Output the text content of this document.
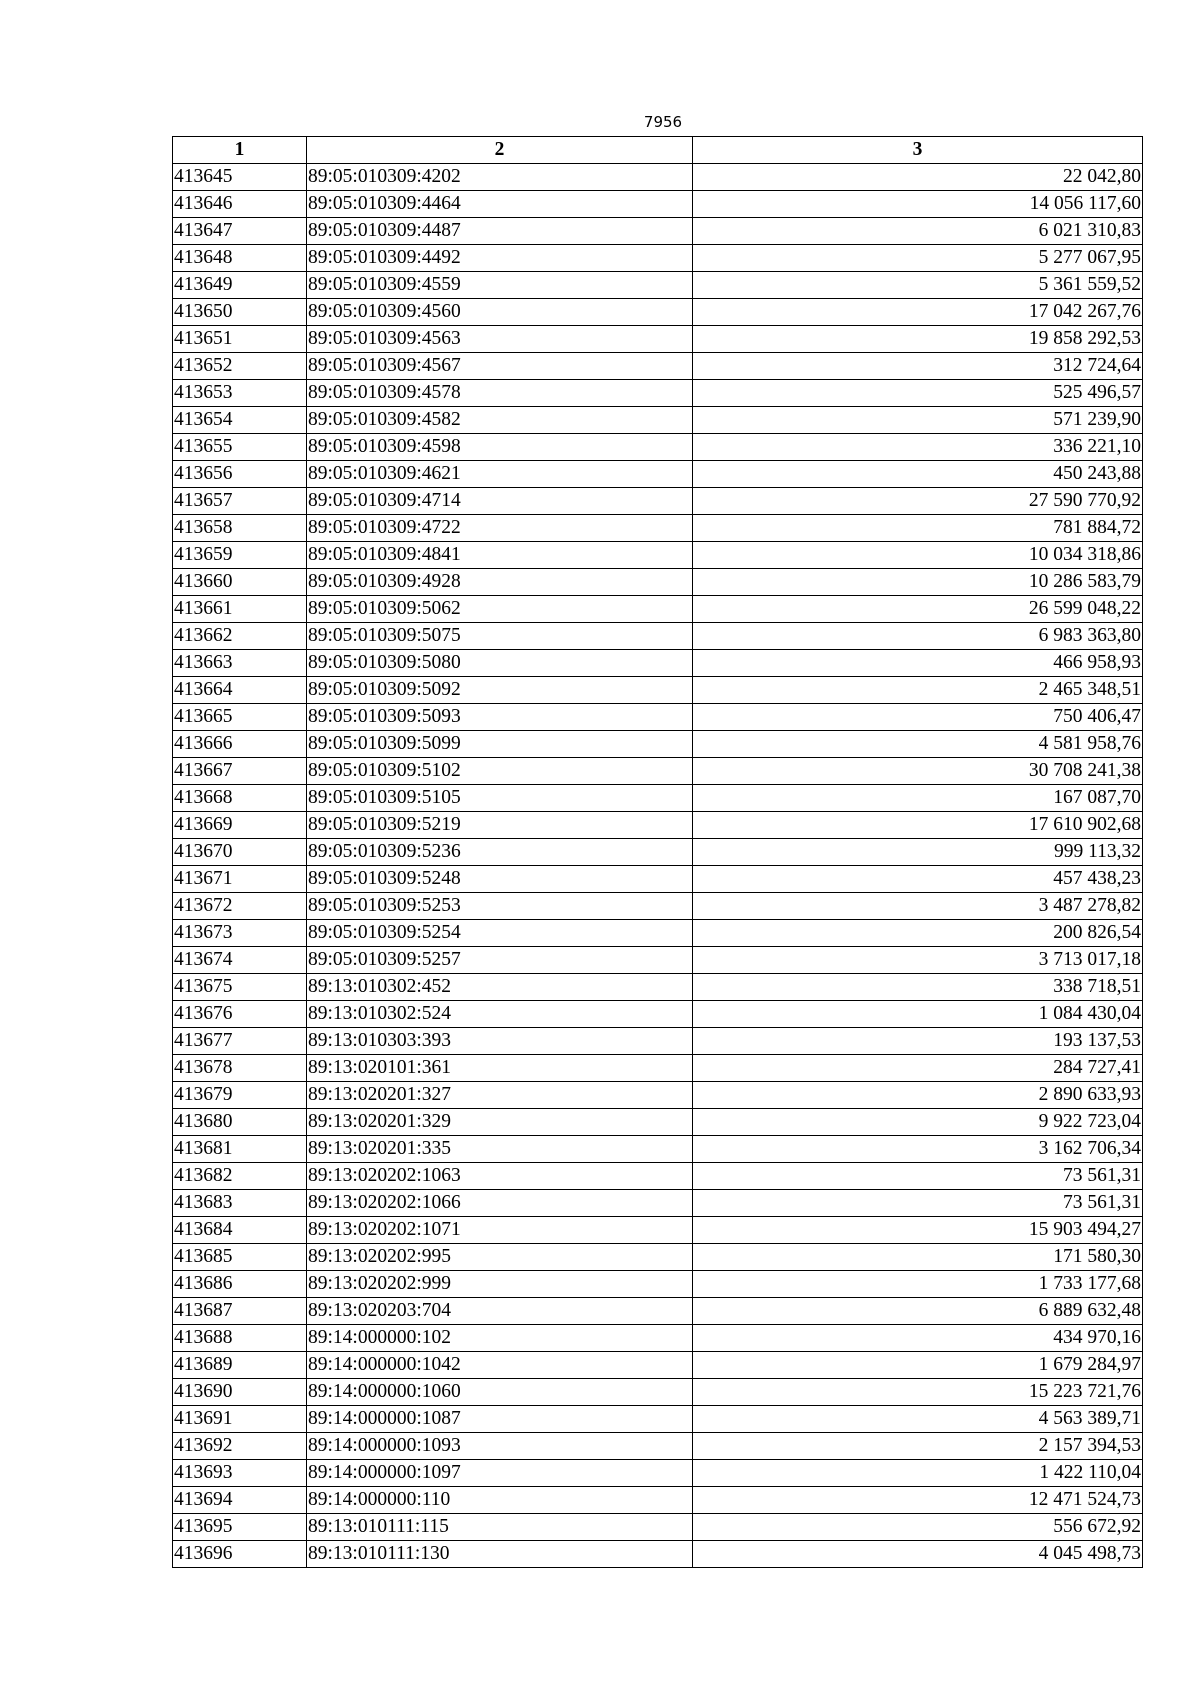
7956
1	2	3
413645	89:05:010309:4202	22 042,80
413646	89:05:010309:4464	14 056 117,60
413647	89:05:010309:4487	6 021 310,83
413648	89:05:010309:4492	5 277 067,95
413649	89:05:010309:4559	5 361 559,52
413650	89:05:010309:4560	17 042 267,76
413651	89:05:010309:4563	19 858 292,53
413652	89:05:010309:4567	312 724,64
413653	89:05:010309:4578	525 496,57
413654	89:05:010309:4582	571 239,90
413655	89:05:010309:4598	336 221,10
413656	89:05:010309:4621	450 243,88
413657	89:05:010309:4714	27 590 770,92
413658	89:05:010309:4722	781 884,72
413659	89:05:010309:4841	10 034 318,86
413660	89:05:010309:4928	10 286 583,79
413661	89:05:010309:5062	26 599 048,22
413662	89:05:010309:5075	6 983 363,80
413663	89:05:010309:5080	466 958,93
413664	89:05:010309:5092	2 465 348,51
413665	89:05:010309:5093	750 406,47
413666	89:05:010309:5099	4 581 958,76
413667	89:05:010309:5102	30 708 241,38
413668	89:05:010309:5105	167 087,70
413669	89:05:010309:5219	17 610 902,68
413670	89:05:010309:5236	999 113,32
413671	89:05:010309:5248	457 438,23
413672	89:05:010309:5253	3 487 278,82
413673	89:05:010309:5254	200 826,54
413674	89:05:010309:5257	3 713 017,18
413675	89:13:010302:452	338 718,51
413676	89:13:010302:524	1 084 430,04
413677	89:13:010303:393	193 137,53
413678	89:13:020101:361	284 727,41
413679	89:13:020201:327	2 890 633,93
413680	89:13:020201:329	9 922 723,04
413681	89:13:020201:335	3 162 706,34
413682	89:13:020202:1063	73 561,31
413683	89:13:020202:1066	73 561,31
413684	89:13:020202:1071	15 903 494,27
413685	89:13:020202:995	171 580,30
413686	89:13:020202:999	1 733 177,68
413687	89:13:020203:704	6 889 632,48
413688	89:14:000000:102	434 970,16
413689	89:14:000000:1042	1 679 284,97
413690	89:14:000000:1060	15 223 721,76
413691	89:14:000000:1087	4 563 389,71
413692	89:14:000000:1093	2 157 394,53
413693	89:14:000000:1097	1 422 110,04
413694	89:14:000000:110	12 471 524,73
413695	89:13:010111:115	556 672,92
413696	89:13:010111:130	4 045 498,73
